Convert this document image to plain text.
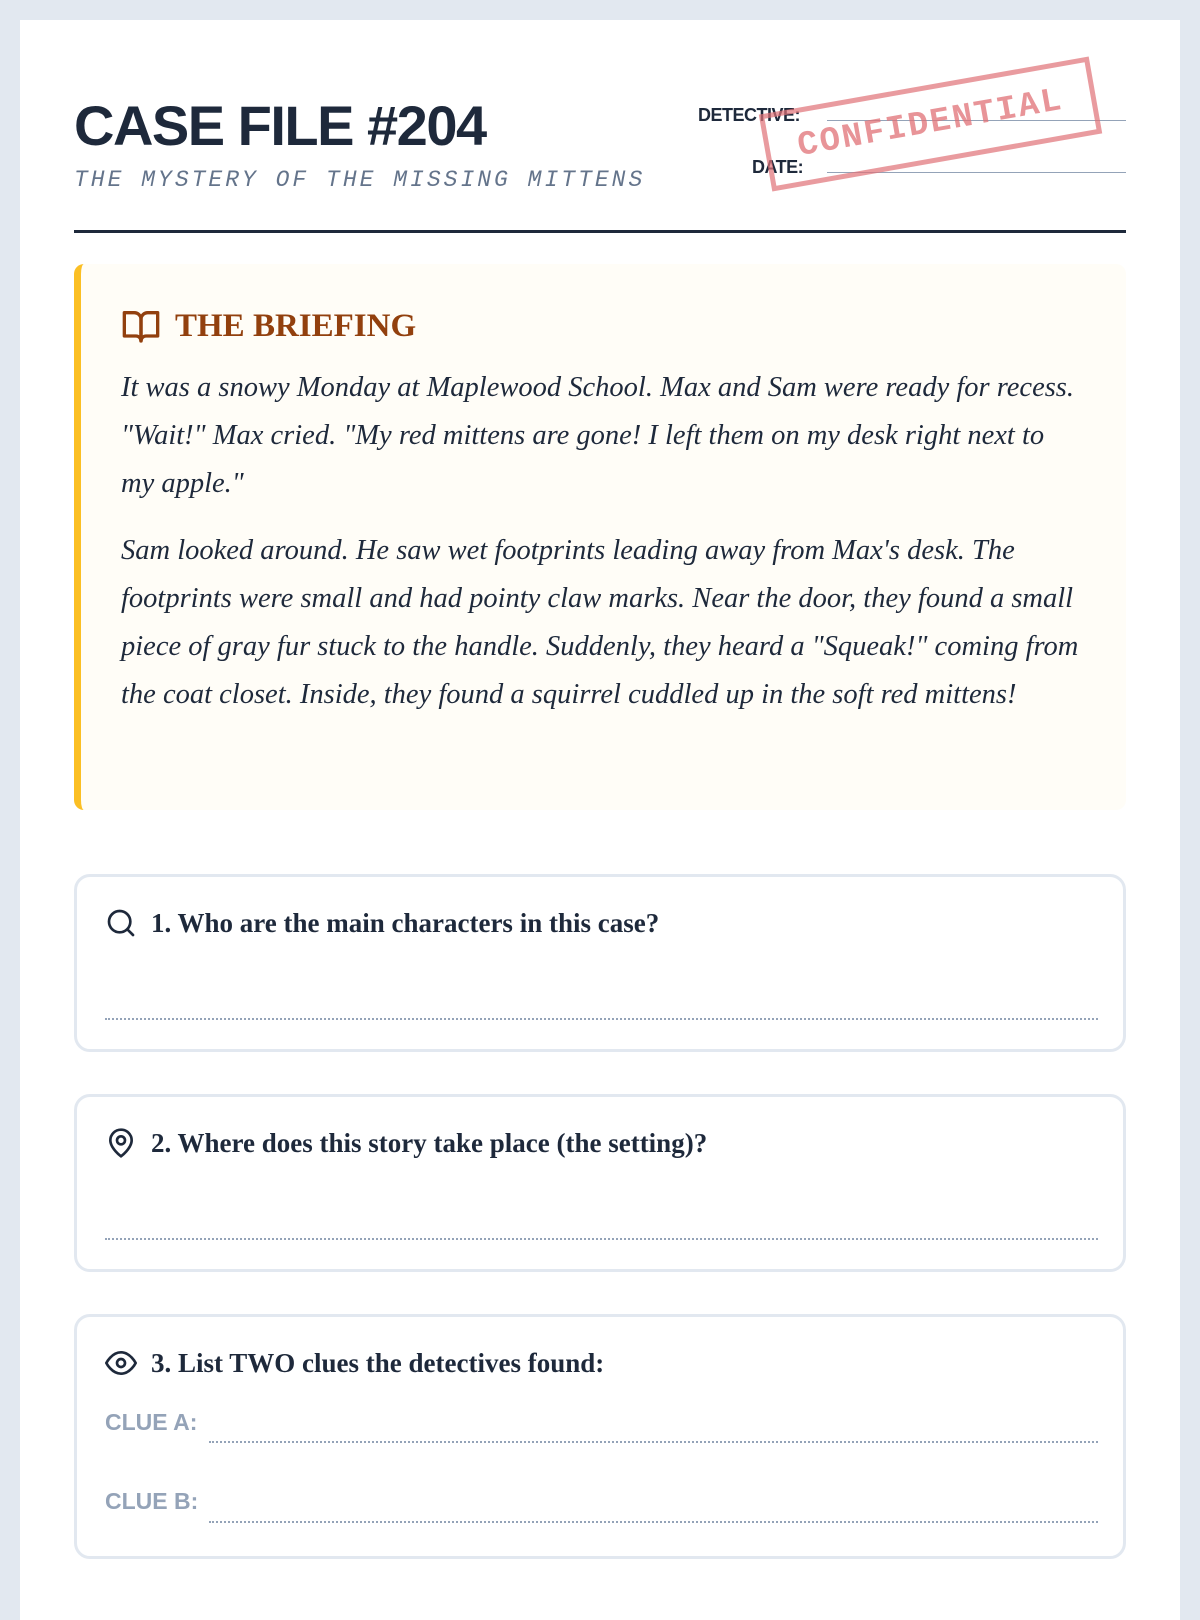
CASE FILE #204
THE MYSTERY OF THE MISSING MITTENS
DETECTIVE:
DATE:
CONFIDENTIAL
THE BRIEFING

It was a snowy Monday at Maplewood School. Max and Sam were ready for recess. "Wait!" Max cried. "My red mittens are gone! I left them on my desk right next to my apple."

Sam looked around. He saw wet footprints leading away from Max's desk. The footprints were small and had pointy claw marks. Near the door, they found a small piece of gray fur stuck to the handle. Suddenly, they heard a "Squeak!" coming from the coat closet. Inside, they found a squirrel cuddled up in the soft red mittens!

1. Who are the main characters in this case?
2. Where does this story take place (the setting)?
3. List TWO clues the detectives found:
CLUE A:
CLUE B:
